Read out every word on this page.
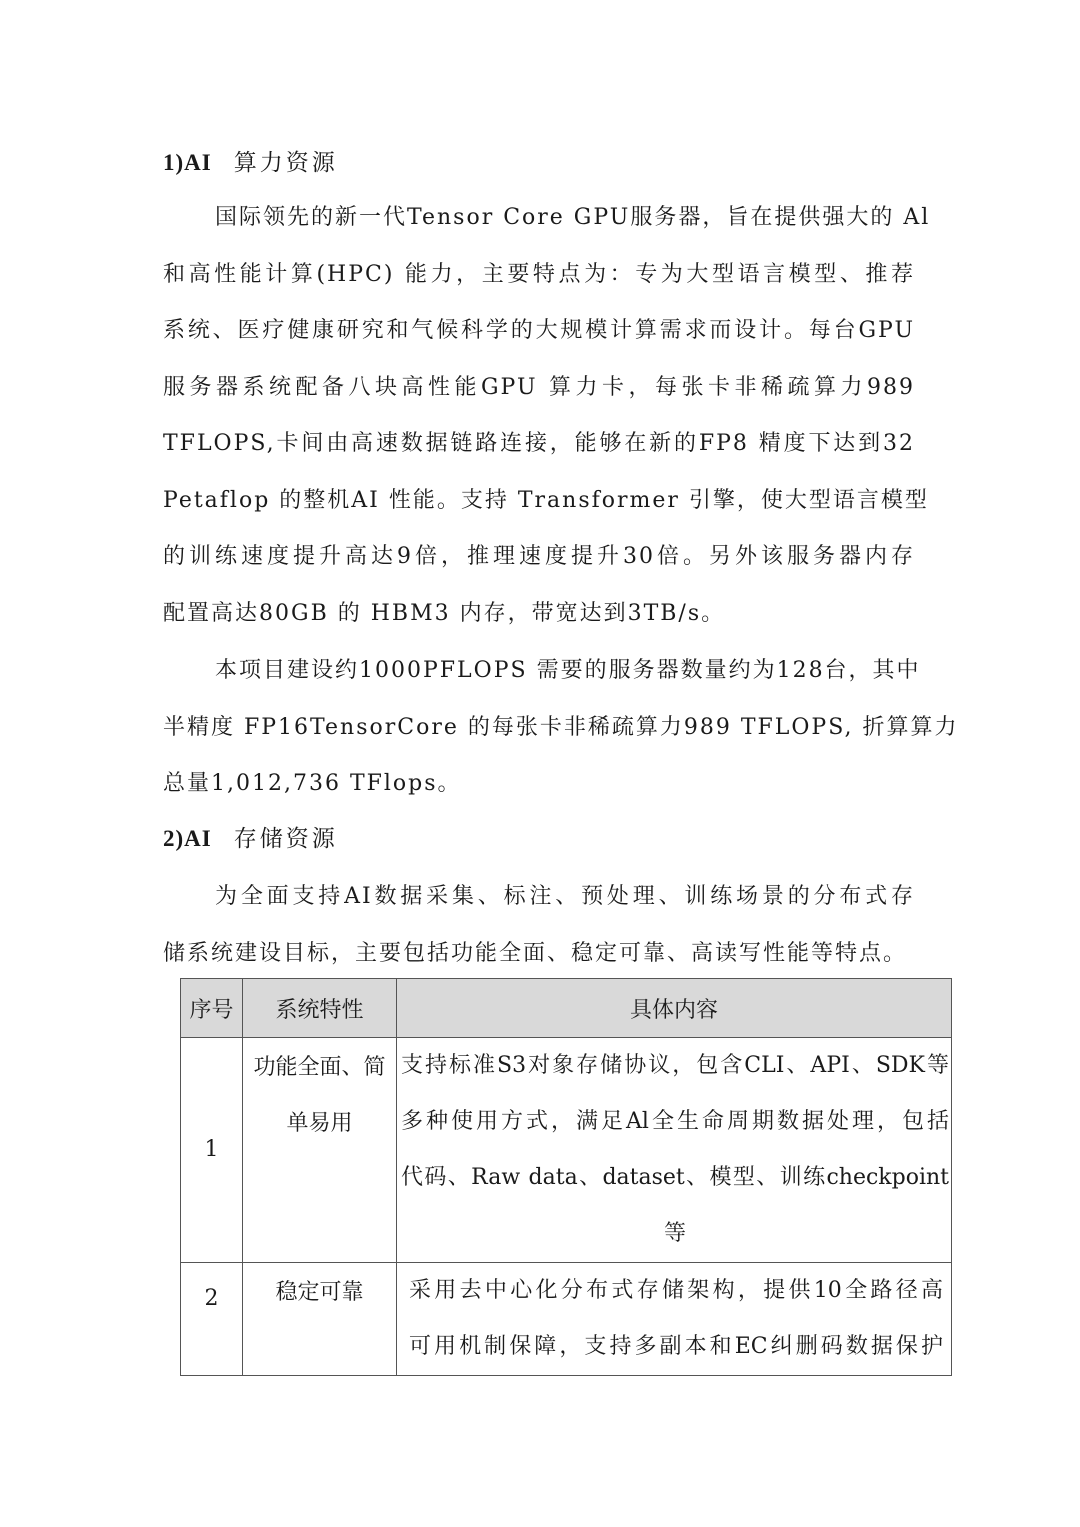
1)AI 算力资源
国际领先的新一代Tensor Core GPU服务器，旨在提供强大的 Al
和高性能计算(HPC) 能力，主要特点为：专为大型语言模型、推荐
系统、医疗健康研究和气候科学的大规模计算需求而设计。每台GPU
服务器系统配备八块高性能GPU 算力卡，每张卡非稀疏算力989
TFLOPS,卡间由高速数据链路连接，能够在新的FP8 精度下达到32
Petaflop 的整机AI 性能。支持 Transformer 引擎，使大型语言模型
的训练速度提升高达9倍，推理速度提升30倍。另外该服务器内存
配置高达80GB 的 HBM3 内存，带宽达到3TB/s。
本项目建设约1000PFLOPS 需要的服务器数量约为128台，其中
半精度 FP16TensorCore 的每张卡非稀疏算力989 TFLOPS, 折算算力
总量1,012,736 TFlops。
2)AI 存储资源
为全面支持AI数据采集、标注、预处理、训练场景的分布式存
储系统建设目标，主要包括功能全面、稳定可靠、高读写性能等特点。
序号	系统特性	具体内容
1	功能全面、简
单易用	支持标准S3对象存储协议，包含CLI、API、SDK等
多种使用方式，满足Al全生命周期数据处理，包括
代码、Raw data、dataset、模型、训练checkpoint
等

2	稳定可靠	采用去中心化分布式存储架构，提供10全路径高
可用机制保障，支持多副本和EC纠删码数据保护
